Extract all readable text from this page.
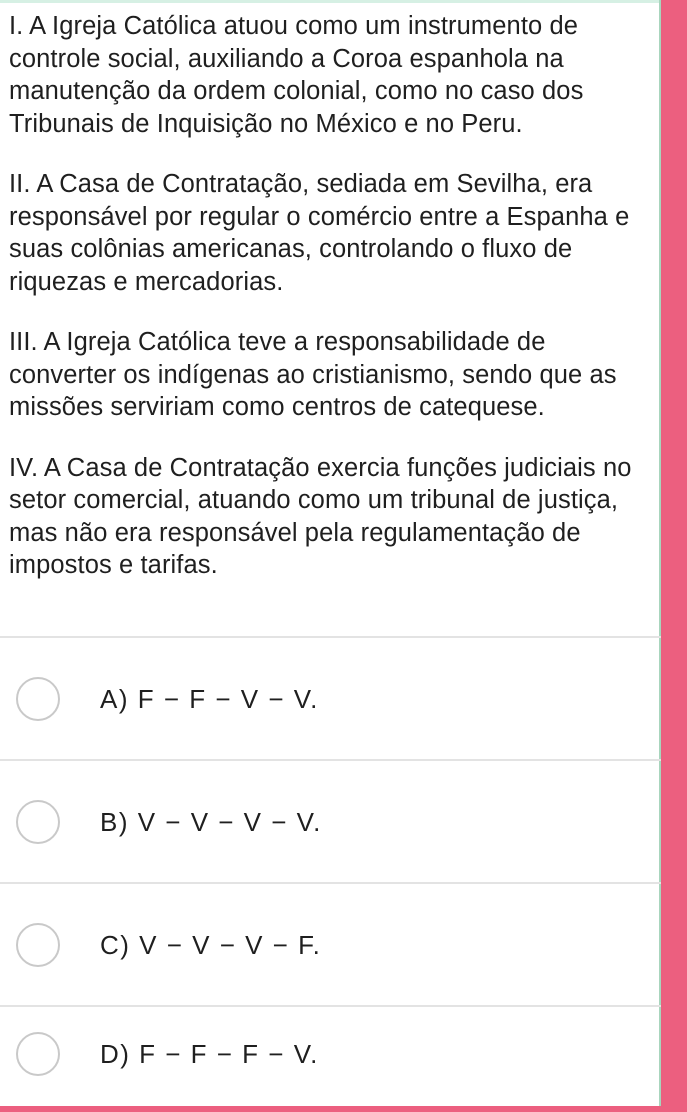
I. A Igreja Católica atuou como um instrumento de controle social, auxiliando a Coroa espanhola na manutenção da ordem colonial, como no caso dos Tribunais de Inquisição no México e no Peru.

II. A Casa de Contratação, sediada em Sevilha, era responsável por regular o comércio entre a Espanha e suas colônias americanas, controlando o fluxo de riquezas e mercadorias.

III. A Igreja Católica teve a responsabilidade de converter os indígenas ao cristianismo, sendo que as missões serviriam como centros de catequese.

IV. A Casa de Contratação exercia funções judiciais no setor comercial, atuando como um tribunal de justiça, mas não era responsável pela regulamentação de impostos e tarifas.

A) F − F − V − V.
B) V − V − V − V.
C) V − V − V − F.
D) F − F − F − V.
